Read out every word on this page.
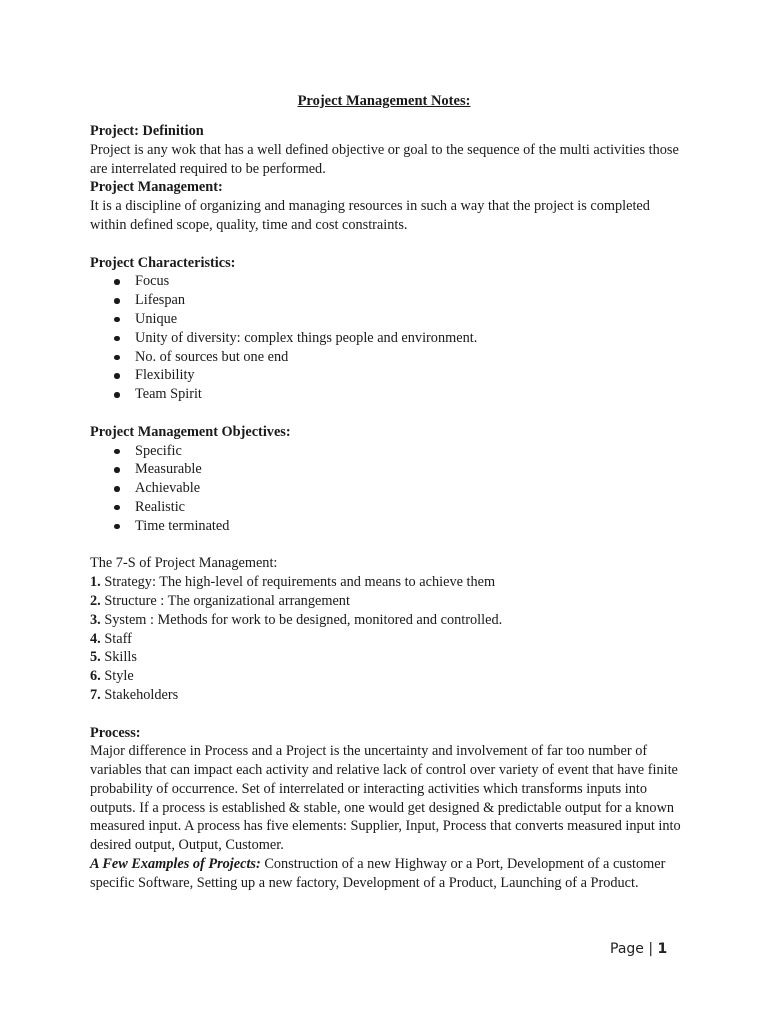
Project Management Notes:
Project: Definition

Project is any wok that has a well defined objective or goal to the sequence of the multi activities those are interrelated required to be performed.

Project Management:

It is a discipline of organizing and managing resources in such a way that the project is completed within defined scope, quality, time and cost constraints.

Project Characteristics:
Focus
Lifespan
Unique
Unity of diversity: complex things people and environment.
No. of sources but one end
Flexibility
Team Spirit
Project Management Objectives:
Specific
Measurable
Achievable
Realistic
Time terminated
The 7-S of Project Management:
1. Strategy: The high-level of requirements and means to achieve them
2. Structure : The organizational arrangement
3. System : Methods for work to be designed, monitored and controlled.
4. Staff
5. Skills
6. Style
7. Stakeholders
Process:

Major difference in Process and a Project is the uncertainty and involvement of far too number of variables that can impact each activity and relative lack of control over variety of event that have finite probability of occurrence. Set of interrelated or interacting activities which transforms inputs into outputs. If a process is established & stable, one would get designed & predictable output for a known measured input. A process has five elements: Supplier, Input, Process that converts measured input into desired output, Output, Customer.

A Few Examples of Projects: Construction of a new Highway or a Port, Development of a customer specific Software, Setting up a new factory, Development of a Product, Launching of a Product.

Page | 1
